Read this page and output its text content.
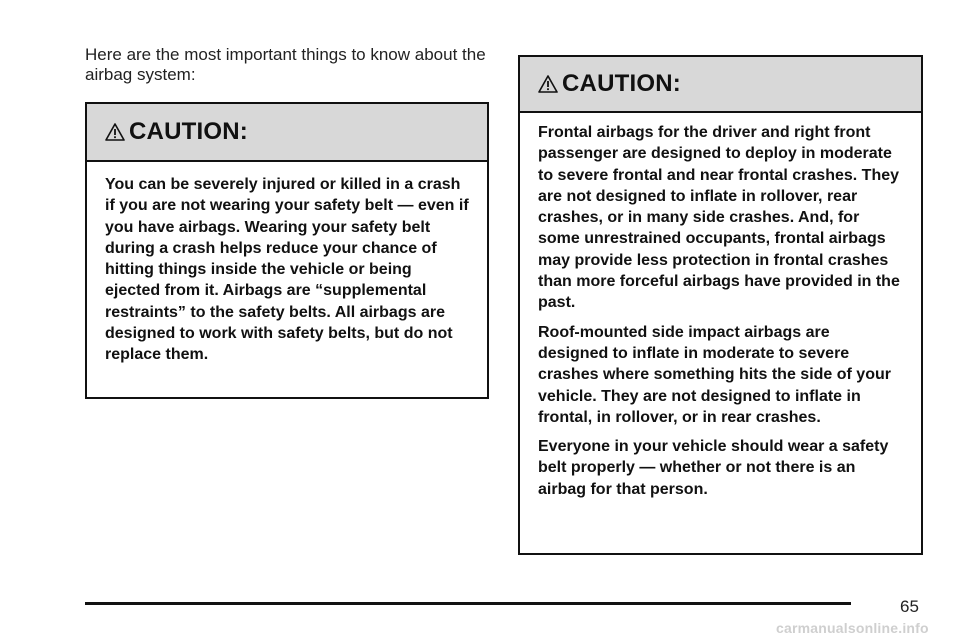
Here are the most important things to know about the airbag system:
CAUTION:

You can be severely injured or killed in a crash if you are not wearing your safety belt — even if you have airbags. Wearing your safety belt during a crash helps reduce your chance of hitting things inside the vehicle or being ejected from it. Airbags are “supplemental restraints” to the safety belts. All airbags are designed to work with safety belts, but do not replace them.

CAUTION:

Frontal airbags for the driver and right front passenger are designed to deploy in moderate to severe frontal and near frontal crashes. They are not designed to inflate in rollover, rear crashes, or in many side crashes. And, for some unrestrained occupants, frontal airbags may provide less protection in frontal crashes than more forceful airbags have provided in the past.

Roof-mounted side impact airbags are designed to inflate in moderate to severe crashes where something hits the side of your vehicle. They are not designed to inflate in frontal, in rollover, or in rear crashes.

Everyone in your vehicle should wear a safety belt properly — whether or not there is an airbag for that person.

65
carmanualsonline.info
